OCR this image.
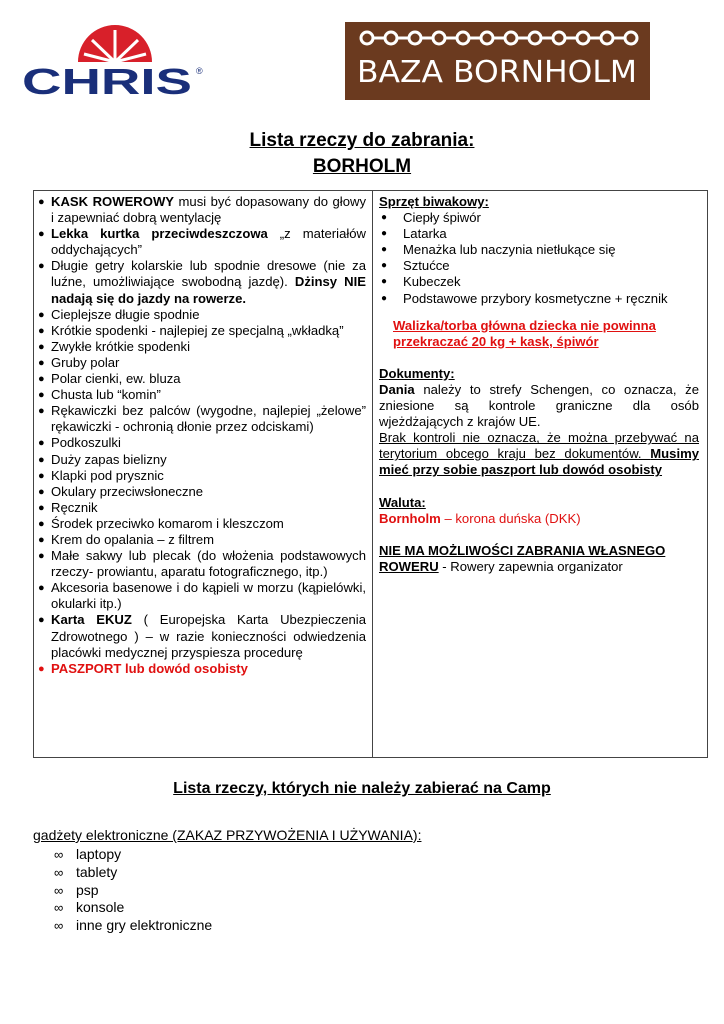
CHRIS ®	BAZA BORNHOLM
Lista rzeczy do zabrania:
BORHOLM
● KASK ROWEROWY musi być dopasowany do głowy i zapewniać dobrą wentylację
● Lekka kurtka przeciwdeszczowa „z materiałów oddychających”
● Długie getry kolarskie lub spodnie dresowe (nie za luźne, umożliwiające swobodną jazdę). Dżinsy NIE nadają się do jazdy na rowerze.
● Cieplejsze długie spodnie
● Krótkie spodenki - najlepiej ze specjalną „wkładką”
● Zwykłe krótkie spodenki
● Gruby polar
● Polar cienki, ew. bluza
● Chusta lub “komin”
● Rękawiczki bez palców (wygodne, najlepiej „żelowe” rękawiczki - ochronią dłonie przez odciskami)
● Podkoszulki
● Duży zapas bielizny
● Klapki pod prysznic
● Okulary przeciwsłoneczne
● Ręcznik
● Środek przeciwko komarom i kleszczom
● Krem do opalania – z filtrem
● Małe sakwy lub plecak (do włożenia podstawowych rzeczy- prowiantu, aparatu fotograficznego, itp.)
● Akcesoria basenowe i do kąpieli w morzu (kąpielówki, okularki itp.)
● Karta EKUZ ( Europejska Karta Ubezpieczenia Zdrowotnego ) – w razie konieczności odwiedzenia placówki medycznej przyspiesza procedurę
● PASZPORT lub dowód osobisty
Sprzęt biwakowy:
● Ciepły śpiwór
● Latarka
● Menażka lub naczynia nietłukące się
● Sztućce
● Kubeczek
● Podstawowe przybory kosmetyczne + ręcznik
Walizka/torba główna dziecka nie powinna przekraczać 20 kg + kask, śpiwór
Dokumenty:
Dania należy to strefy Schengen, co oznacza, że zniesione są kontrole graniczne dla osób wjeżdżających z krajów UE.
Brak kontroli nie oznacza, że można przebywać na terytorium obcego kraju bez dokumentów. Musimy mieć przy sobie paszport lub dowód osobisty
Waluta:
Bornholm – korona duńska (DKK)
NIE MA MOŻLIWOŚCI ZABRANIA WŁASNEGO ROWERU - Rowery zapewnia organizator
Lista rzeczy, których nie należy zabierać na Camp
gadżety elektroniczne (ZAKAZ PRZYWOŻENIA I UŻYWANIA):
∞ laptopy
∞ tablety
∞ psp
∞ konsole
∞ inne gry elektroniczne
